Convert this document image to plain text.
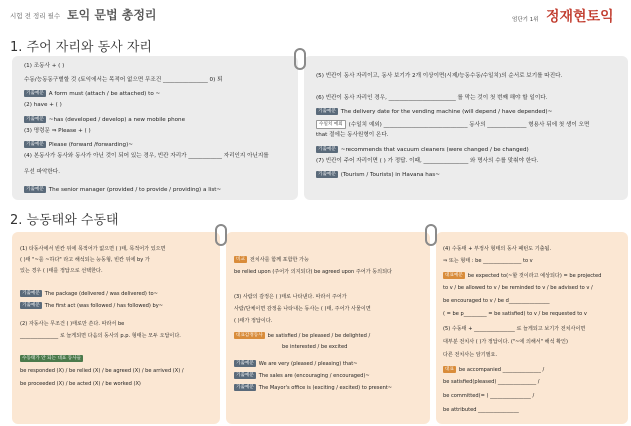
시험 전 정리 필수 토익 문법 총정리	엄단기 1위 정재현토익
1. 주어 자리와 동사 자리
(1) 조동사 + ( )
수동/능동동구별할 것 (토익에서는 목적어 없으면 무조건 ________________ 0) 퇴
기출예문 A form must (attach / be attached) to ~
(2) have + ( )
기출예문 ~has (developed / develop) a new mobile phone
(3) 명령문 ⇒ Please + ( )
기출예문 Please (forward /forwarding)~
(4) 본동사가 동사와 동사가 아닌 것이 되어 있는 경우, 빈칸 자리가 ____________ 자리인지 아닌지를
우선 파악한다.
기출예문 The senior manager (provided / to provide / providing) a list~
(5) 빈칸이 동사 자리이고, 동사 보기가 2개 이상이면(시제/능동수동/수일치)의 순서로 보기를 따진다.
(6) 빈칸이 동사 자리인 경우, ________________________ 를 막는 것이 첫 번째 해야 할 일이다.
기출예문 The delivery date for the vending machine (will depend / have depended)~
수일치 예외 (수일치 예외) ______________________________ 동사의 ______________ 형용사 뒤에 첫 생이 오면
that 절에는 동사원형이 온다.
기출예문 ~recommends that vacuum cleaners (were changed / be changed)
(7) 빈칸이 주어 자리이면 ( ) 가 정답. 이때, ________________ 와 명사의 수를 맞춰야 한다.
기출예문 (Tourism / Tourists) in Havana has~
2. 능동태와 수동태
(1) 타동사에서 빈칸 뒤에 목적어가 없으면 ( )태, 목적어가 있으면
( )태 "~를 ~하다" 라고 해석되는 능동형, 빈칸 뒤에 by 가
있는 경우 ( )태를 정답으로 선택한다.
기출예문 The package (delivered / was delivered) to~
기출예문 The first act (was followed / has followed) by~
(2) 자동사는 무조건 ( )태로만 쓴다. 따라서 be
_______________ 로 늘게되면 다음의 동사의 p.p. 형태는 모두 오답이다.
수동태가 안 되는 대표 동사들
be responded (X) / be relied (X) / be agreed (X) / be arrived (X) /
be proceeded (X) / be acted (X) / be worked (X)
비교 전치사를 함께 포함한 가능
be relied upon (주어가 의지되다) be agreed upon 주어가 동의되다
(3) 사람의 감정은 ( )태로 나타낸다. 따라서 주어가
사람/단체이면 감정을 나타내는 동사는 ( )태, 주어가 사물이면
( )태가 정답이다.
대표감정동사 be satisfied / be pleased / be delighted /
be interested / be excited
기출예문 We are very (pleased / pleasing) that~
기출예문 The sales are (encouraging / encouraged)~
기출예문 The Mayor's office is (exciting / excited) to present~
(4) 수동태 + 부정사 형태의 동사 패턴도 기출됨.
⇒ 또는 형태 : be _______________ to v
대표예문 be expected to(~할 것이라고 예상되다) = be projected
to v / be allowed to v / be reminded to v / be advised to v /
be encouraged to v / be d________________
( = be p_________ = be satisfied) to v / be requested to v
(5) 수동태 + ________________ 로 늘게되고 보기가 전치사이면
대부분 전치사 ( )가 정답이다. ("~에 의해서" 해석 확인)
다른 전치사는 암기필요.
대표 be accompanied _______________ /
be satisfied(pleased) _______________ /
be committed(= ) ________________ /
be attributed ________________
